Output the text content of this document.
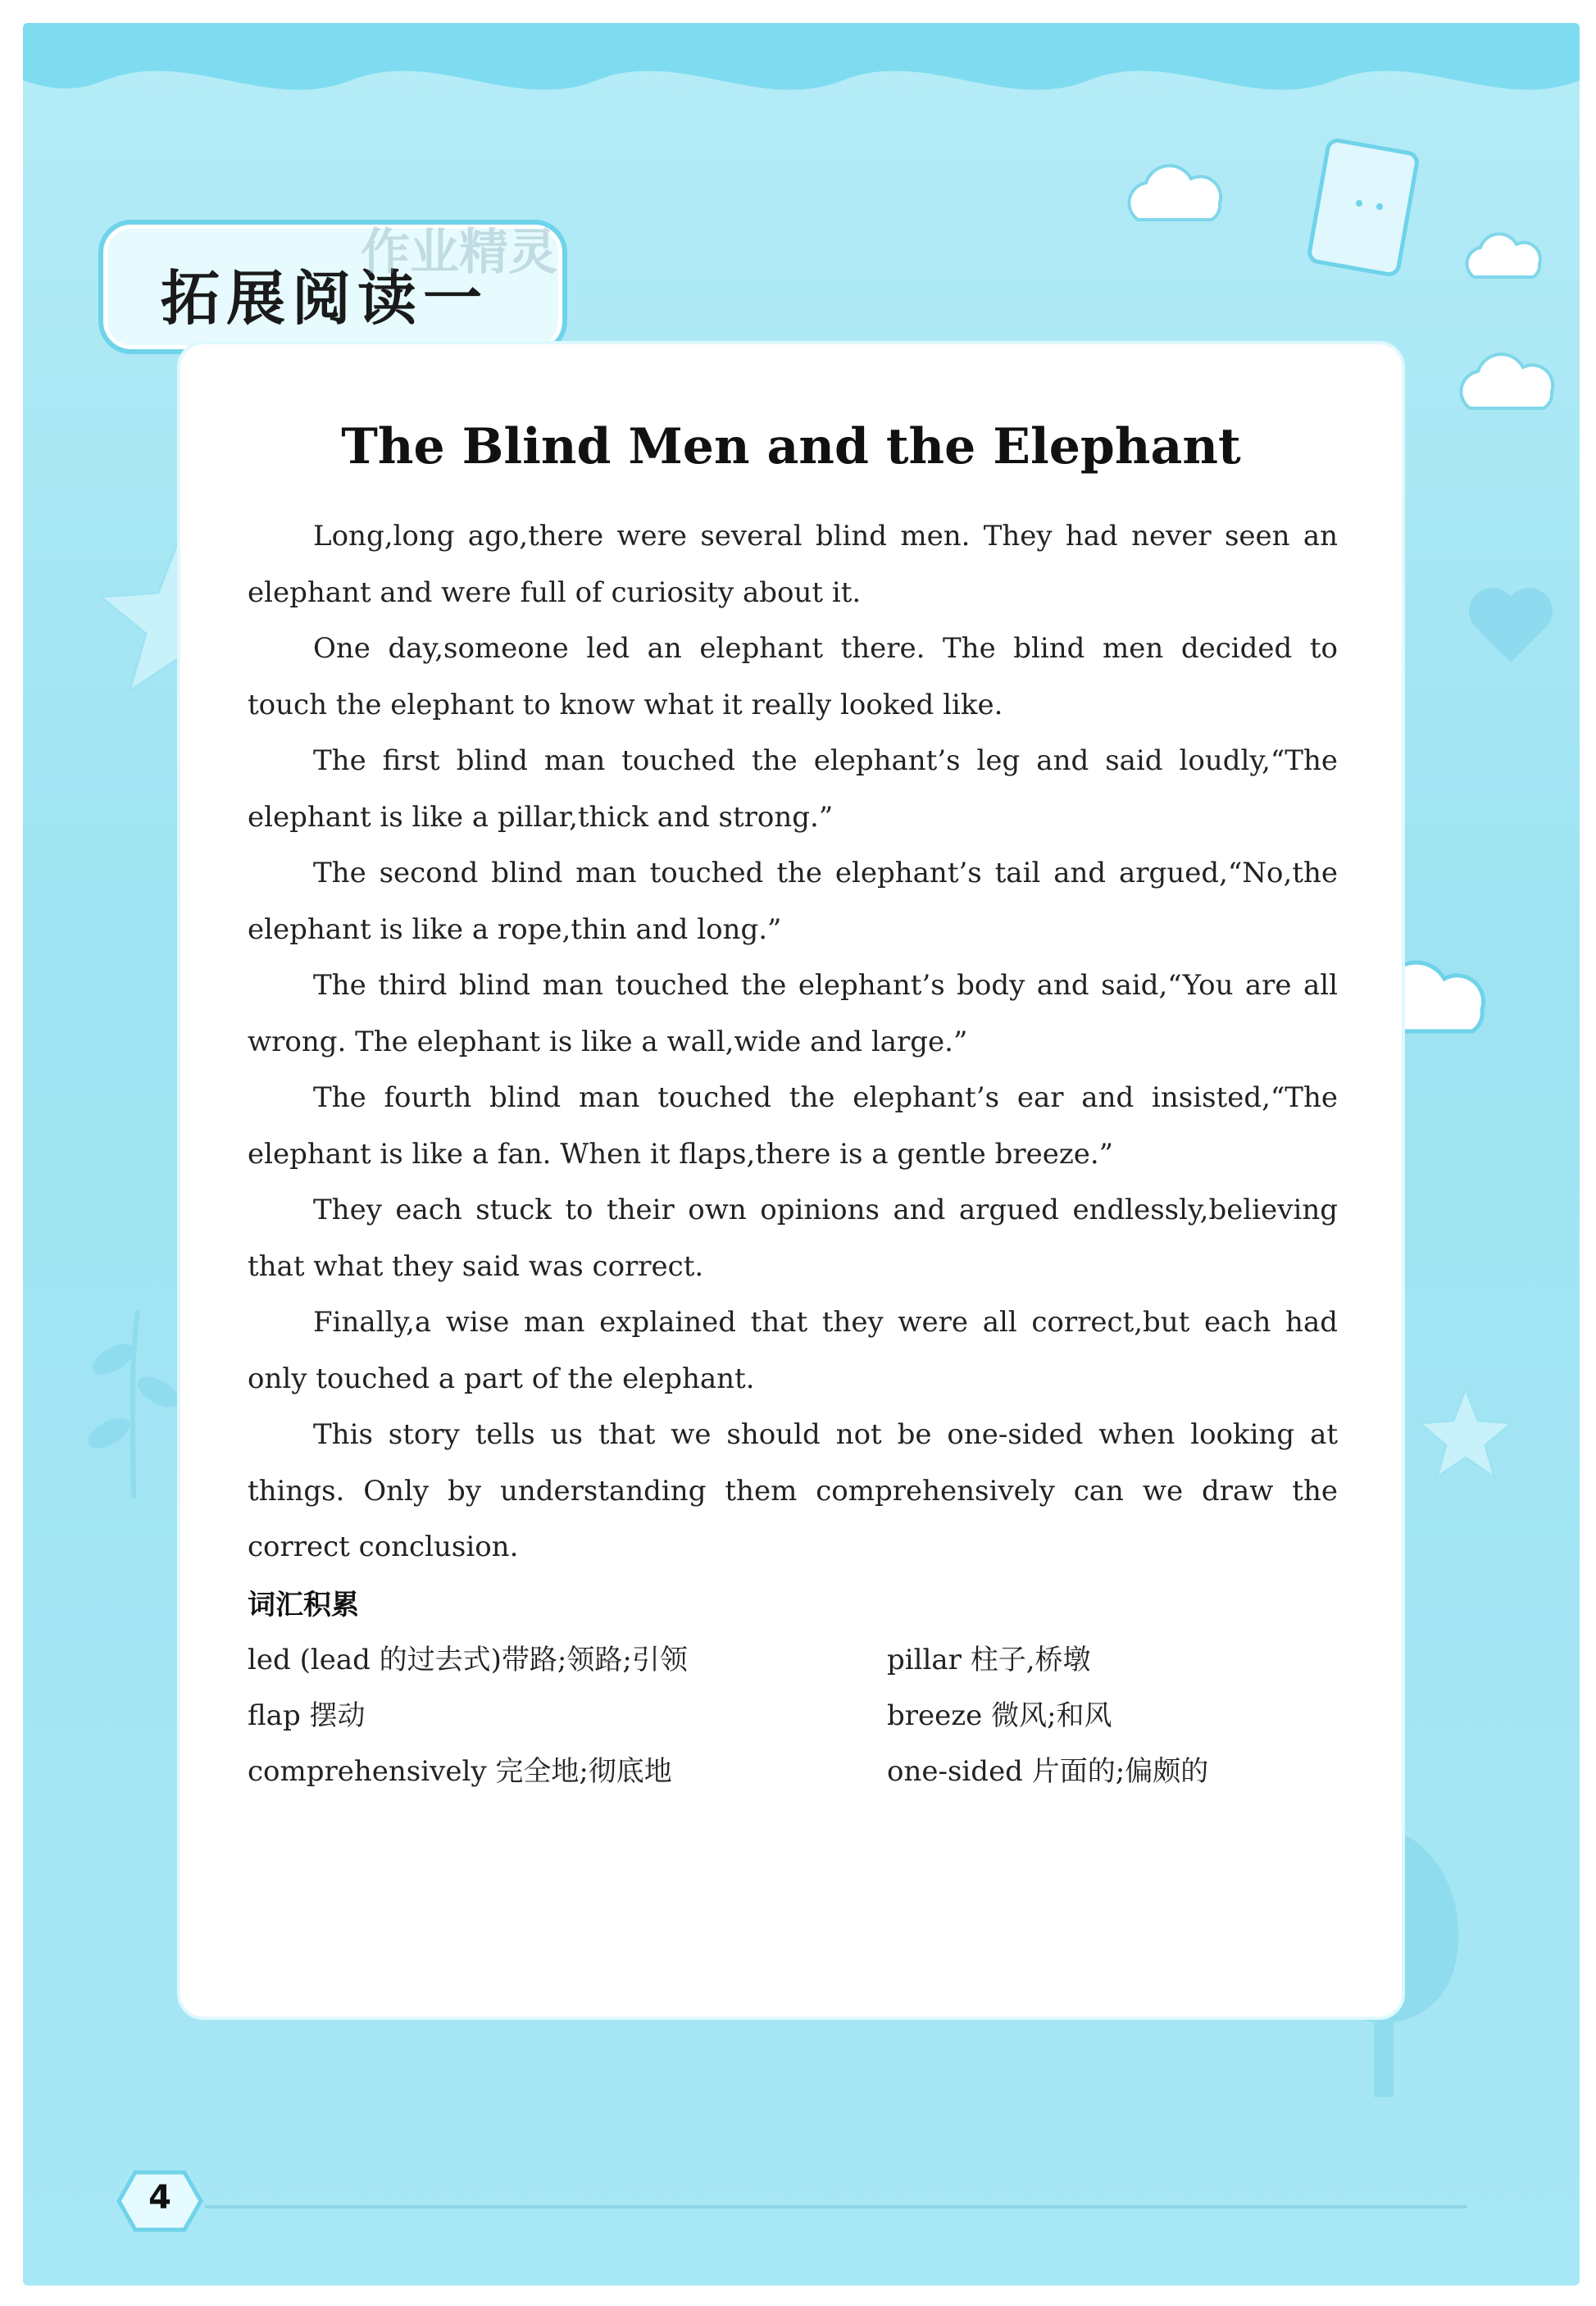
拓展阅读一
作业精灵
The Blind Men and the Elephant

Long,long ago,there were several blind men. They had never seen an elephant and were full of curiosity about it.

One day,someone led an elephant there. The blind men decided to touch the elephant to know what it really looked like.

The first blind man touched the elephant’s leg and said loudly,“The elephant is like a pillar,thick and strong.”

The second blind man touched the elephant’s tail and argued,“No,the elephant is like a rope,thin and long.”

The third blind man touched the elephant’s body and said,“You are all wrong. The elephant is like a wall,wide and large.”

The fourth blind man touched the elephant’s ear and insisted,“The elephant is like a fan. When it flaps,there is a gentle breeze.”

They each stuck to their own opinions and argued endlessly,believing that what they said was correct.

Finally,a wise man explained that they were all correct,but each had only touched a part of the elephant.

This story tells us that we should not be one-sided when looking at things. Only by understanding them comprehensively can we draw the correct conclusion.

词汇积累
led (lead 的过去式)带路;领路;引领	pillar 柱子,桥墩
flap 摆动	breeze 微风;和风
comprehensively 完全地;彻底地	one-sided 片面的;偏颇的
4
